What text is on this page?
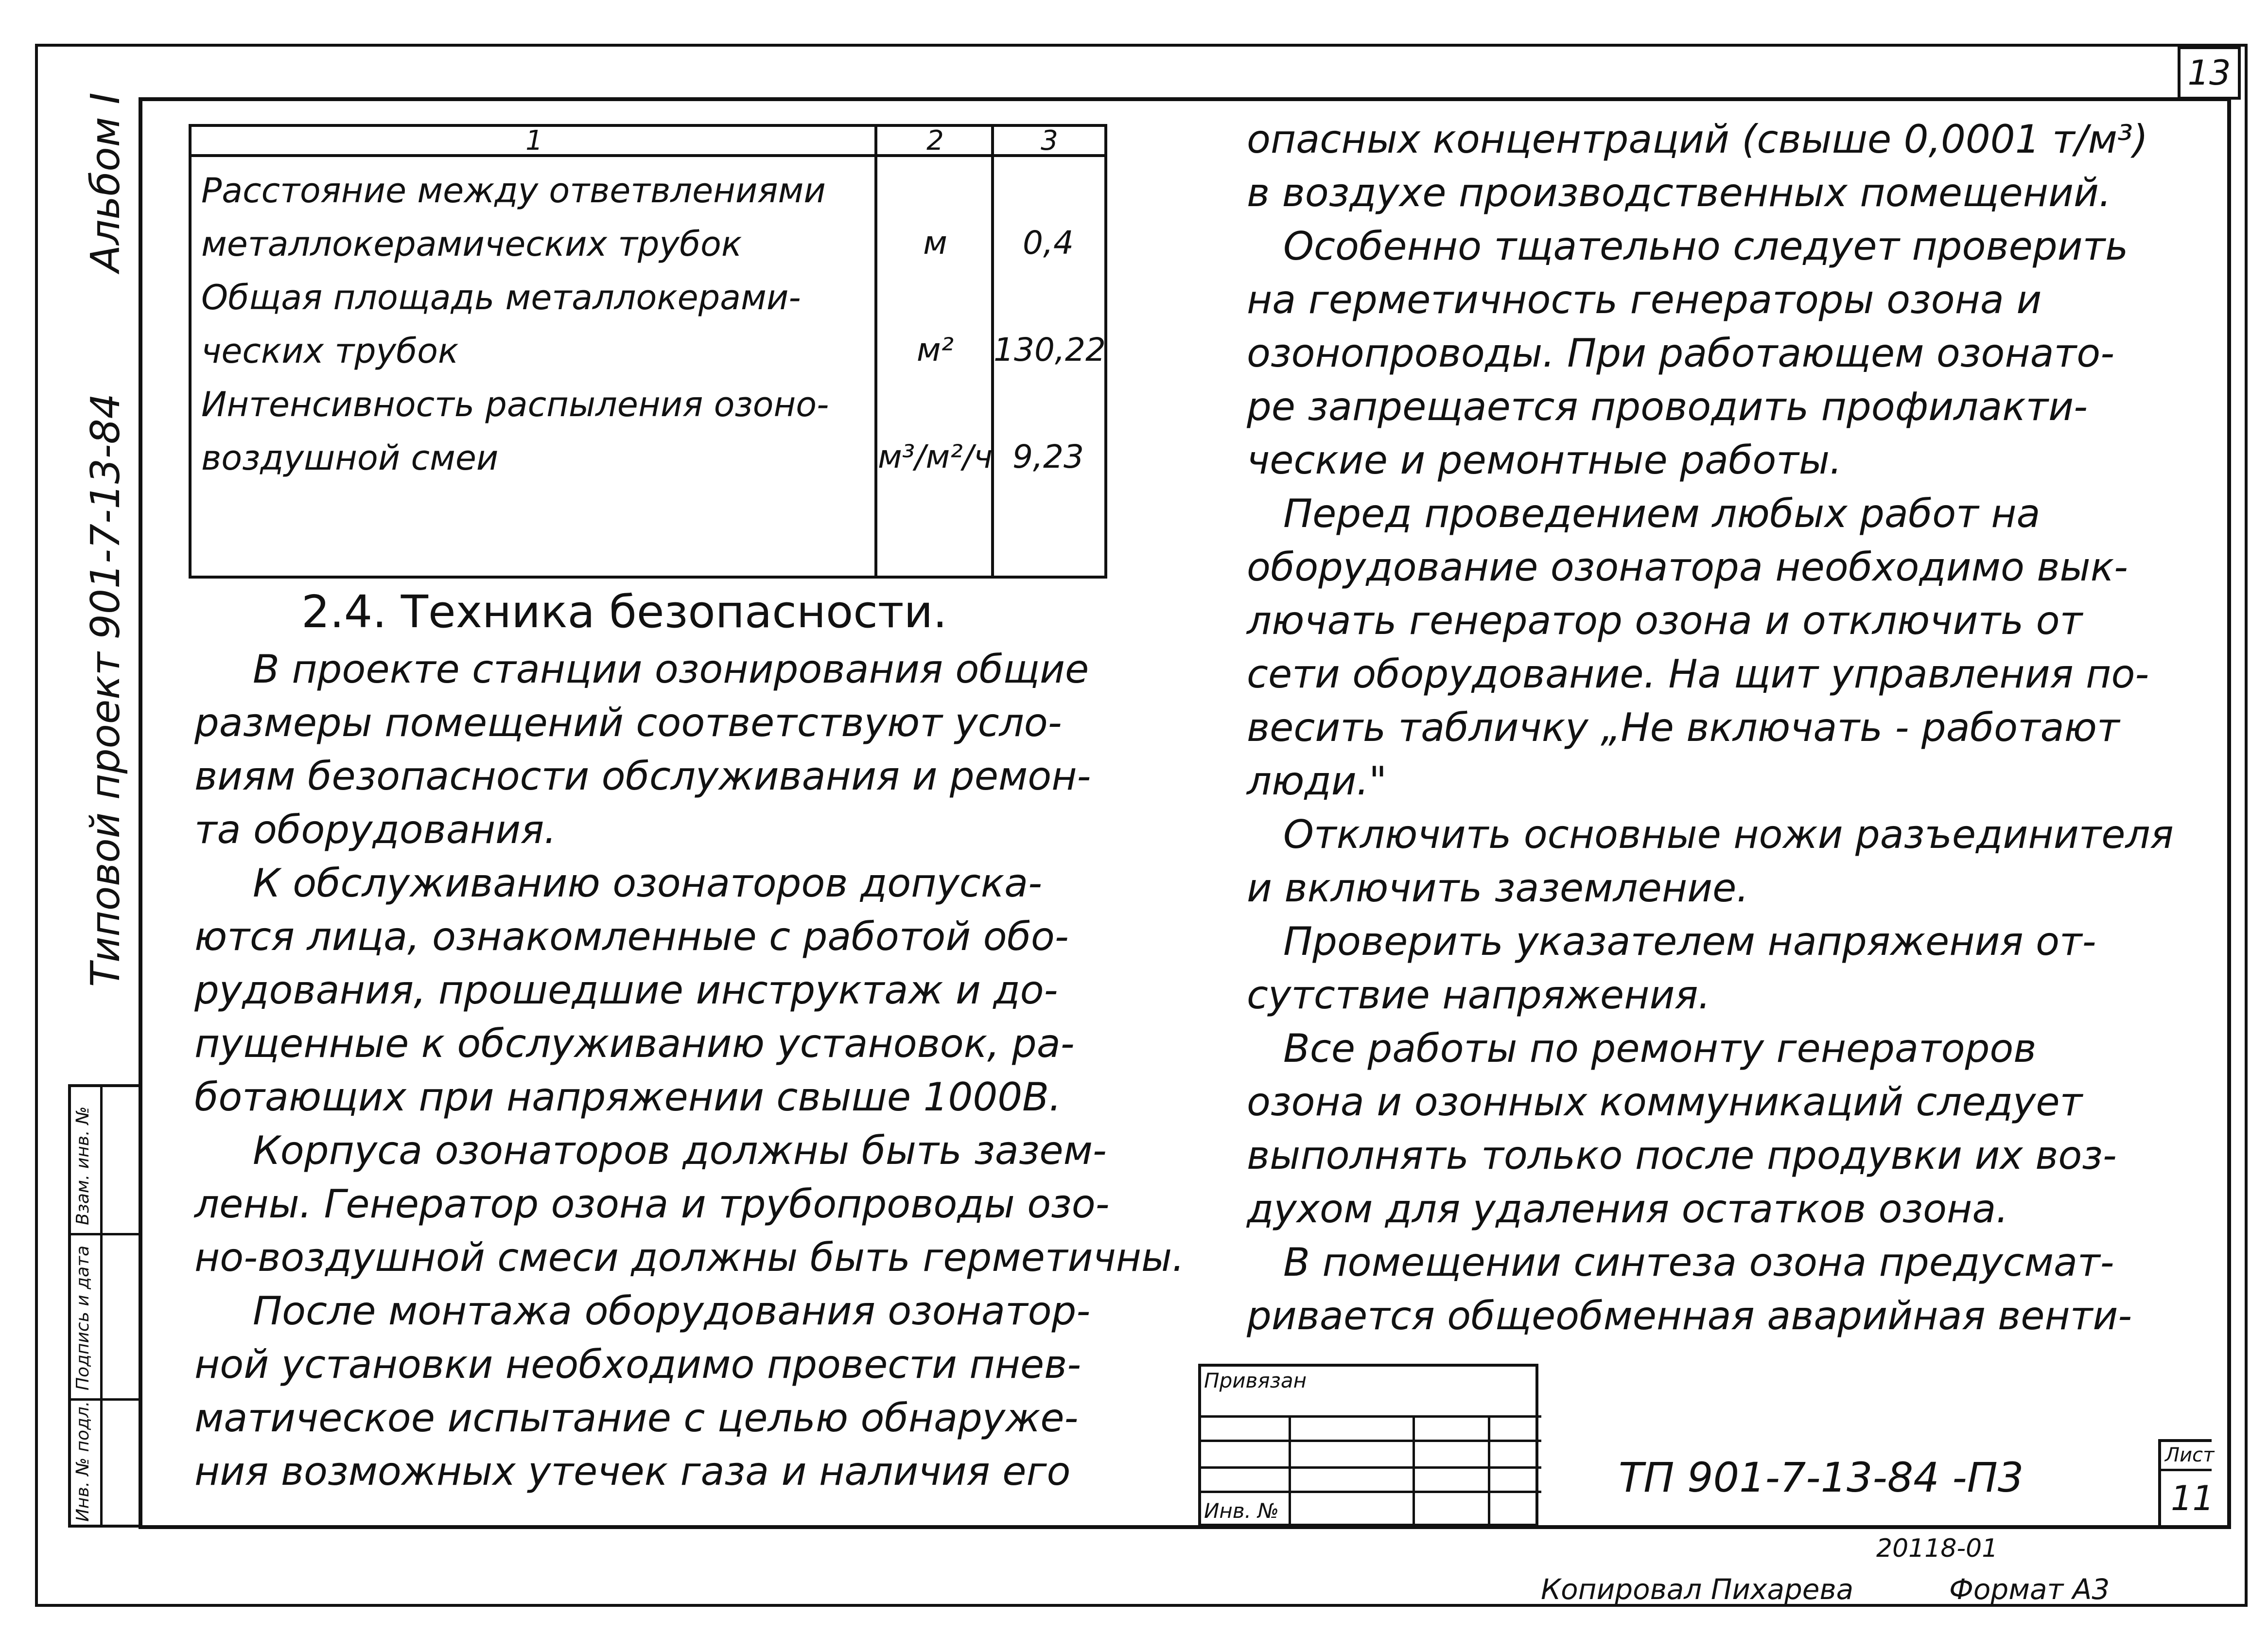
13
Альбом I
Типовой проект 901-7-13-84
Инв. № подл.
Подпись и дата
Взам. инв. №
1	2	3
Расстояние между ответвлениями
металлокерамических трубок	м	0,4
Общая площадь металлокерами-
ческих трубок	м²	130,22
Интенсивность распыления озоно-
воздушной смеи	м³/м²/ч 9,23
2.4. Техника безопасности.
В проекте станции озонирования общие
размеры помещений соответствуют усло-
виям безопасности обслуживания и ремон-
та оборудования.
К обслуживанию озонаторов допуска-
ются лица, ознакомленные с работой обо-
рудования, прошедшие инструктаж и до-
пущенные к обслуживанию установок, ра-
ботающих при напряжении свыше 1000В.
Корпуса озонаторов должны быть зазем-
лены. Генератор озона и трубопроводы озо-
но-воздушной смеси должны быть герметичны.
После монтажа оборудования озонатор-
ной установки необходимо провести пнев-
матическое испытание с целью обнаруже-
ния возможных утечек газа и наличия его
опасных концентраций (свыше 0,0001 т/м³)
в воздухе производственных помещений.
Особенно тщательно следует проверить
на герметичность генераторы озона и
озонопроводы. При работающем озонато-
ре запрещается проводить профилакти-
ческие и ремонтные работы.
Перед проведением любых работ на
оборудование озонатора необходимо вык-
лючать генератор озона и отключить от
сети оборудование. На щит управления по-
весить табличку „Не включать - работают
люди."
Отключить основные ножи разъединителя
и включить заземление.
Проверить указателем напряжения от-
сутствие напряжения.
Все работы по ремонту генераторов
озона и озонных коммуникаций следует
выполнять только после продувки их воз-
духом для удаления остатков озона.
В помещении синтеза озона предусмат-
ривается общеобменная аварийная венти-
Привязан
Инв. №
ТП 901-7-13-84 -П3	Лист
11
20118-01
Копировал Пихарева	Формат А3
